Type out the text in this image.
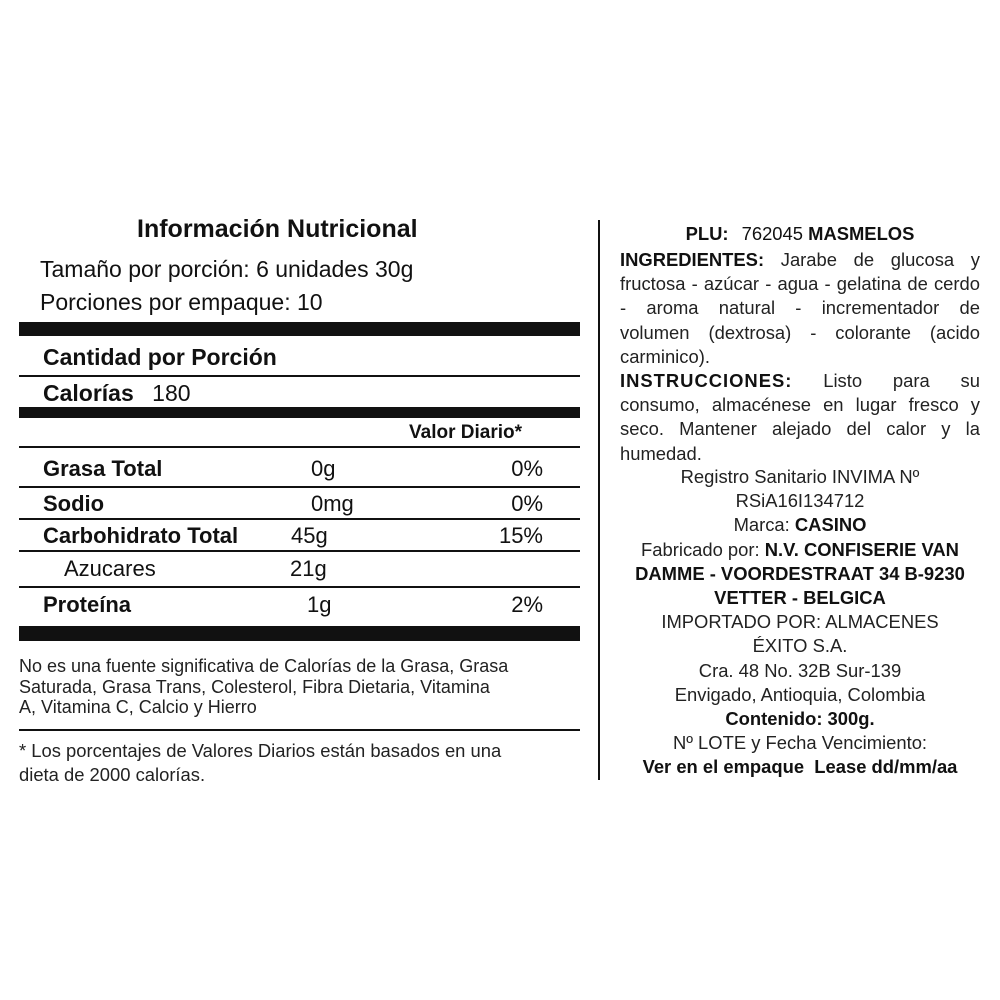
Información Nutricional
Tamaño por porción: 6 unidades 30g
Porciones por empaque: 10
Cantidad por Porción
Calorías 180
Valor Diario*
Grasa Total	0g	0%
Sodio	0mg	0%
Carbohidrato Total 45g	15%
Azucares	21g
Proteína	1g	2%
No es una fuente significativa de Calorías de la Grasa, Grasa
Saturada, Grasa Trans, Colesterol, Fibra Dietaria, Vitamina
A, Vitamina C, Calcio y Hierro
* Los porcentajes de Valores Diarios están basados en una
dieta de 2000 calorías.
PLU: 762045 MASMELOS
INGREDIENTES: Jarabe de glucosa y
fructosa - azúcar - agua - gelatina de cerdo
- aroma natural - incrementador de
volumen (dextrosa) - colorante (acido
carminico).
INSTRUCCIONES: Listo para su
consumo, almacénese en lugar fresco y
seco. Mantener alejado del calor y la
humedad.
Registro Sanitario INVIMA Nº
RSiA16I134712
Marca: CASINO
Fabricado por: N.V. CONFISERIE VAN
DAMME - VOORDESTRAAT 34 B-9230
VETTER - BELGICA
IMPORTADO POR: ALMACENES
ÉXITO S.A.
Cra. 48 No. 32B Sur-139
Envigado, Antioquia, Colombia
Contenido: 300g.
Nº LOTE y Fecha Vencimiento:
Ver en el empaque  Lease dd/mm/aa
